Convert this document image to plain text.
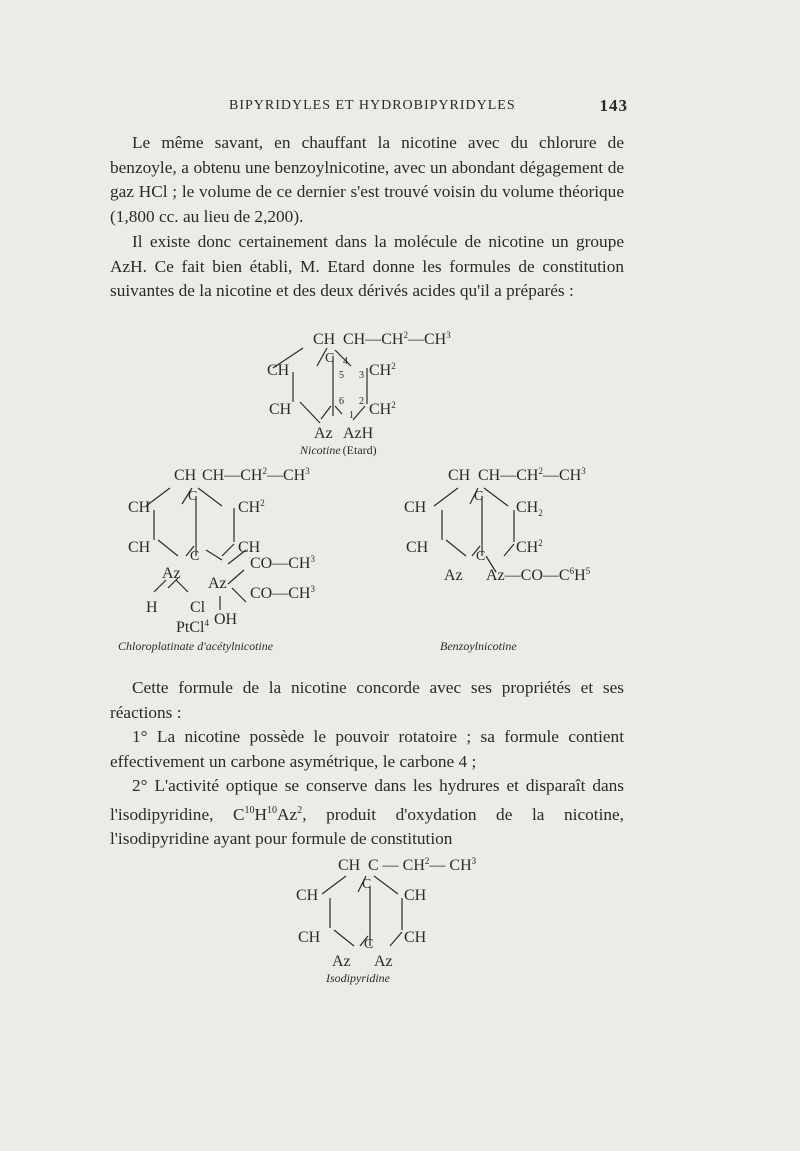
BIPYRIDYLES ET HYDROBIPYRIDYLES	143

Le même savant, en chauffant la nicotine avec du chlorure de benzoyle, a obtenu une benzoylnicotine, avec un abondant dégagement de gaz HCl ; le volume de ce dernier s'est trouvé voisin du volume théorique (1,800 cc. au lieu de 2,200).

Il existe donc certainement dans la molécule de nicotine un groupe AzH. Ce fait bien établi, M. Etard donne les formules de constitution suivantes de la nicotine et des deux dérivés acides qu'il a préparés :

CH $CH—CH^2—CH^3$
CH
CH
C
$CH^2$
$CH^2$
Az AzH
4
5 3
6 2
1
Nicotine (Etard)
CH $CH—CH^2—CH^3$
CH
CH
C
C
$CH^2$
CH
Az
Az
$CO—CH^3$
$CO—CH^3$
H Cl
OH
PtCl$^4$
Chloroplatinate d'acétylnicotine
CH $CH—CH^2—CH^3$
CH
CH
C
C
$CH_2$
$CH^2$
Az $Az—CO—C^6H^5$
Benzoylnicotine

Cette formule de la nicotine concorde avec ses propriétés et ses réactions :

1° La nicotine possède le pouvoir rotatoire ; sa formule contient effectivement un carbone asymétrique, le carbone 4 ;

2° L'activité optique se conserve dans les hydrures et disparaît dans l'isodipyridine, $C^{10}H^{10}Az^2$, produit d'oxydation de la nicotine, l'isodipyridine ayant pour formule de constitution

CH C — $CH^2—$ $CH^3$
CH
CH
C
C
CH
CH
Az Az
Isodipyridine
